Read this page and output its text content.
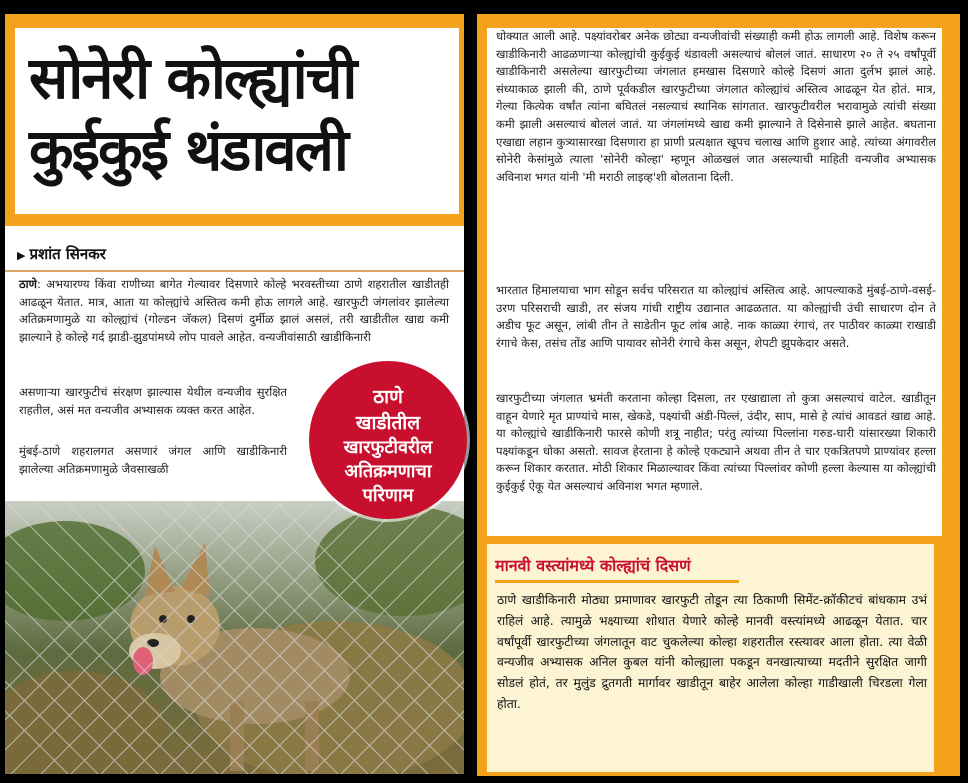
सोनेरी कोल्ह्यांची
कुईकुई थंडावली
▶ प्रशांत सिनकर

ठाणे: अभयारण्य किंवा राणीच्या बागेत गेल्यावर दिसणारे कोल्हे भरवस्तीच्या ठाणे शहरातील खाडीतही आढळून येतात. मात्र, आता या कोल्ह्यांचे अस्तित्व कमी होऊ लागले आहे. खारफुटी जंगलांवर झालेल्या अतिक्रमणामुळे या कोल्ह्यांचं (गोल्डन जॅकल) दिसणं दुर्मीळ झालं असलं, तरी खाडीतील खाद्य कमी झाल्याने हे कोल्हे गर्द झाडी-झुडपांमध्ये लोप पावले आहेत. वन्यजीवांसाठी खाडीकिनारी

असणाऱ्या खारफुटीचं संरक्षण झाल्यास येथील वन्यजीव सुरक्षित राहतील, असं मत वन्यजीव अभ्यासक व्यक्त करत आहेत.

मुंबई-ठाणे शहरालगत असणारं जंगल आणि खाडीकिनारी झालेल्या अतिक्रमणामुळे जैवसाखळी

ठाणे
खाडीतील
खारफुटीवरील
अतिक्रमणाचा
परिणाम

धोक्यात आली आहे. पक्ष्यांवरोबर अनेक छोट्या वन्यजीवांची संख्याही कमी होऊ लागली आहे. विशेष करून खाडीकिनारी आढळणाऱ्या कोल्ह्यांची कुईकुई थंडावली असल्याचं बोललं जातं. साधारण २० ते २५ वर्षांपूर्वी खाडीकिनारी असलेल्या खारफुटीच्या जंगलात हमखास दिसणारे कोल्हे दिसणं आता दुर्लभ झालं आहे. संध्याकाळ झाली की, ठाणे पूर्वकडील खारफुटीच्या जंगलात कोल्ह्यांचं अस्तित्व आढळून येत होतं. मात्र, गेल्या कित्येक वर्षांत त्यांना बघितलं नसल्याचं स्थानिक सांगतात. खारफुटीवरील भरावामुळे त्यांची संख्या कमी झाली असल्याचं बोललं जातं. या जंगलांमध्ये खाद्य कमी झाल्याने ते दिसेनासे झाले आहेत. बघताना एखाद्या लहान कुत्र्यासारखा दिसणारा हा प्राणी प्रत्यक्षात खूपच चलाख आणि हुशार आहे. त्यांच्या अंगावरील सोनेरी केसांमुळे त्याला 'सोनेरी कोल्हा' म्हणून ओळखलं जात असल्याची माहिती वन्यजीव अभ्यासक अविनाश भगत यांनी 'मी मराठी लाइव्ह'शी बोलताना दिली.

भारतात हिमालयाचा भाग सोडून सर्वच परिसरात या कोल्ह्यांचं अस्तित्व आहे. आपल्याकडे मुंबई-ठाणे-वसई-उरण परिसराची खाडी, तर संजय गांधी राष्ट्रीय उद्यानात आढळतात. या कोल्ह्यांची उंची साधारण दोन ते अडीच फूट असून, लांबी तीन ते साडेतीन फूट लांब आहे. नाक काळ्या रंगाचं, तर पाठीवर काळ्या राखाडी रंगाचे केस, तसंच तोंड आणि पायावर सोनेरी रंगाचे केस असून, शेपटी झुपकेदार असते.

खारफुटीच्या जंगलात भ्रमंती करताना कोल्हा दिसला, तर एखाद्याला तो कुत्रा असल्याचं वाटेल. खाडीतून वाहून येणारे मृत प्राण्यांचे मास, खेकडे, पक्ष्यांची अंडी-पिल्लं, उंदीर, साप, मासे हे त्यांचं आवडतं खाद्य आहे. या कोल्ह्यांचे खाडीकिनारी फारसे कोणी शत्रू नाहीत; परंतु त्यांच्या पिल्लांना गरुड-घारी यांसारख्या शिकारी पक्ष्यांकडून धोका असतो. सावज हेरताना हे कोल्हे एकट्याने अथवा तीन ते चार एकत्रितपणे प्राण्यांवर हल्ला करून शिकार करतात. मोठी शिकार मिळाल्यावर किंवा त्यांच्या पिल्लांवर कोणी हल्ला केल्यास या कोल्ह्यांची कुईकुई ऐकू येत असल्याचं अविनाश भगत म्हणाले.

मानवी वस्त्यांमध्ये कोल्ह्यांचं दिसणं

ठाणे खाडीकिनारी मोठ्या प्रमाणावर खारफुटी तोडून त्या ठिकाणी सिमेंट-क्रॉकीटचं बांधकाम उभं राहिलं आहे. त्यामुळे भक्ष्याच्या शोधात येणारे कोल्हे मानवी वस्त्यांमध्ये आढळून येतात. चार वर्षांपूर्वी खारफुटीच्या जंगलातून वाट चुकलेल्या कोल्हा शहरातील रस्त्यावर आला होता. त्या वेळी वन्यजीव अभ्यासक अनिल कुबल यांनी कोल्ह्याला पकडून वनखात्याच्या मदतीने सुरक्षित जागी सोडलं होतं, तर मुलुंड द्रुतगती मार्गावर खाडीतून बाहेर आलेला कोल्हा गाडीखाली चिरडला गेला होता.
